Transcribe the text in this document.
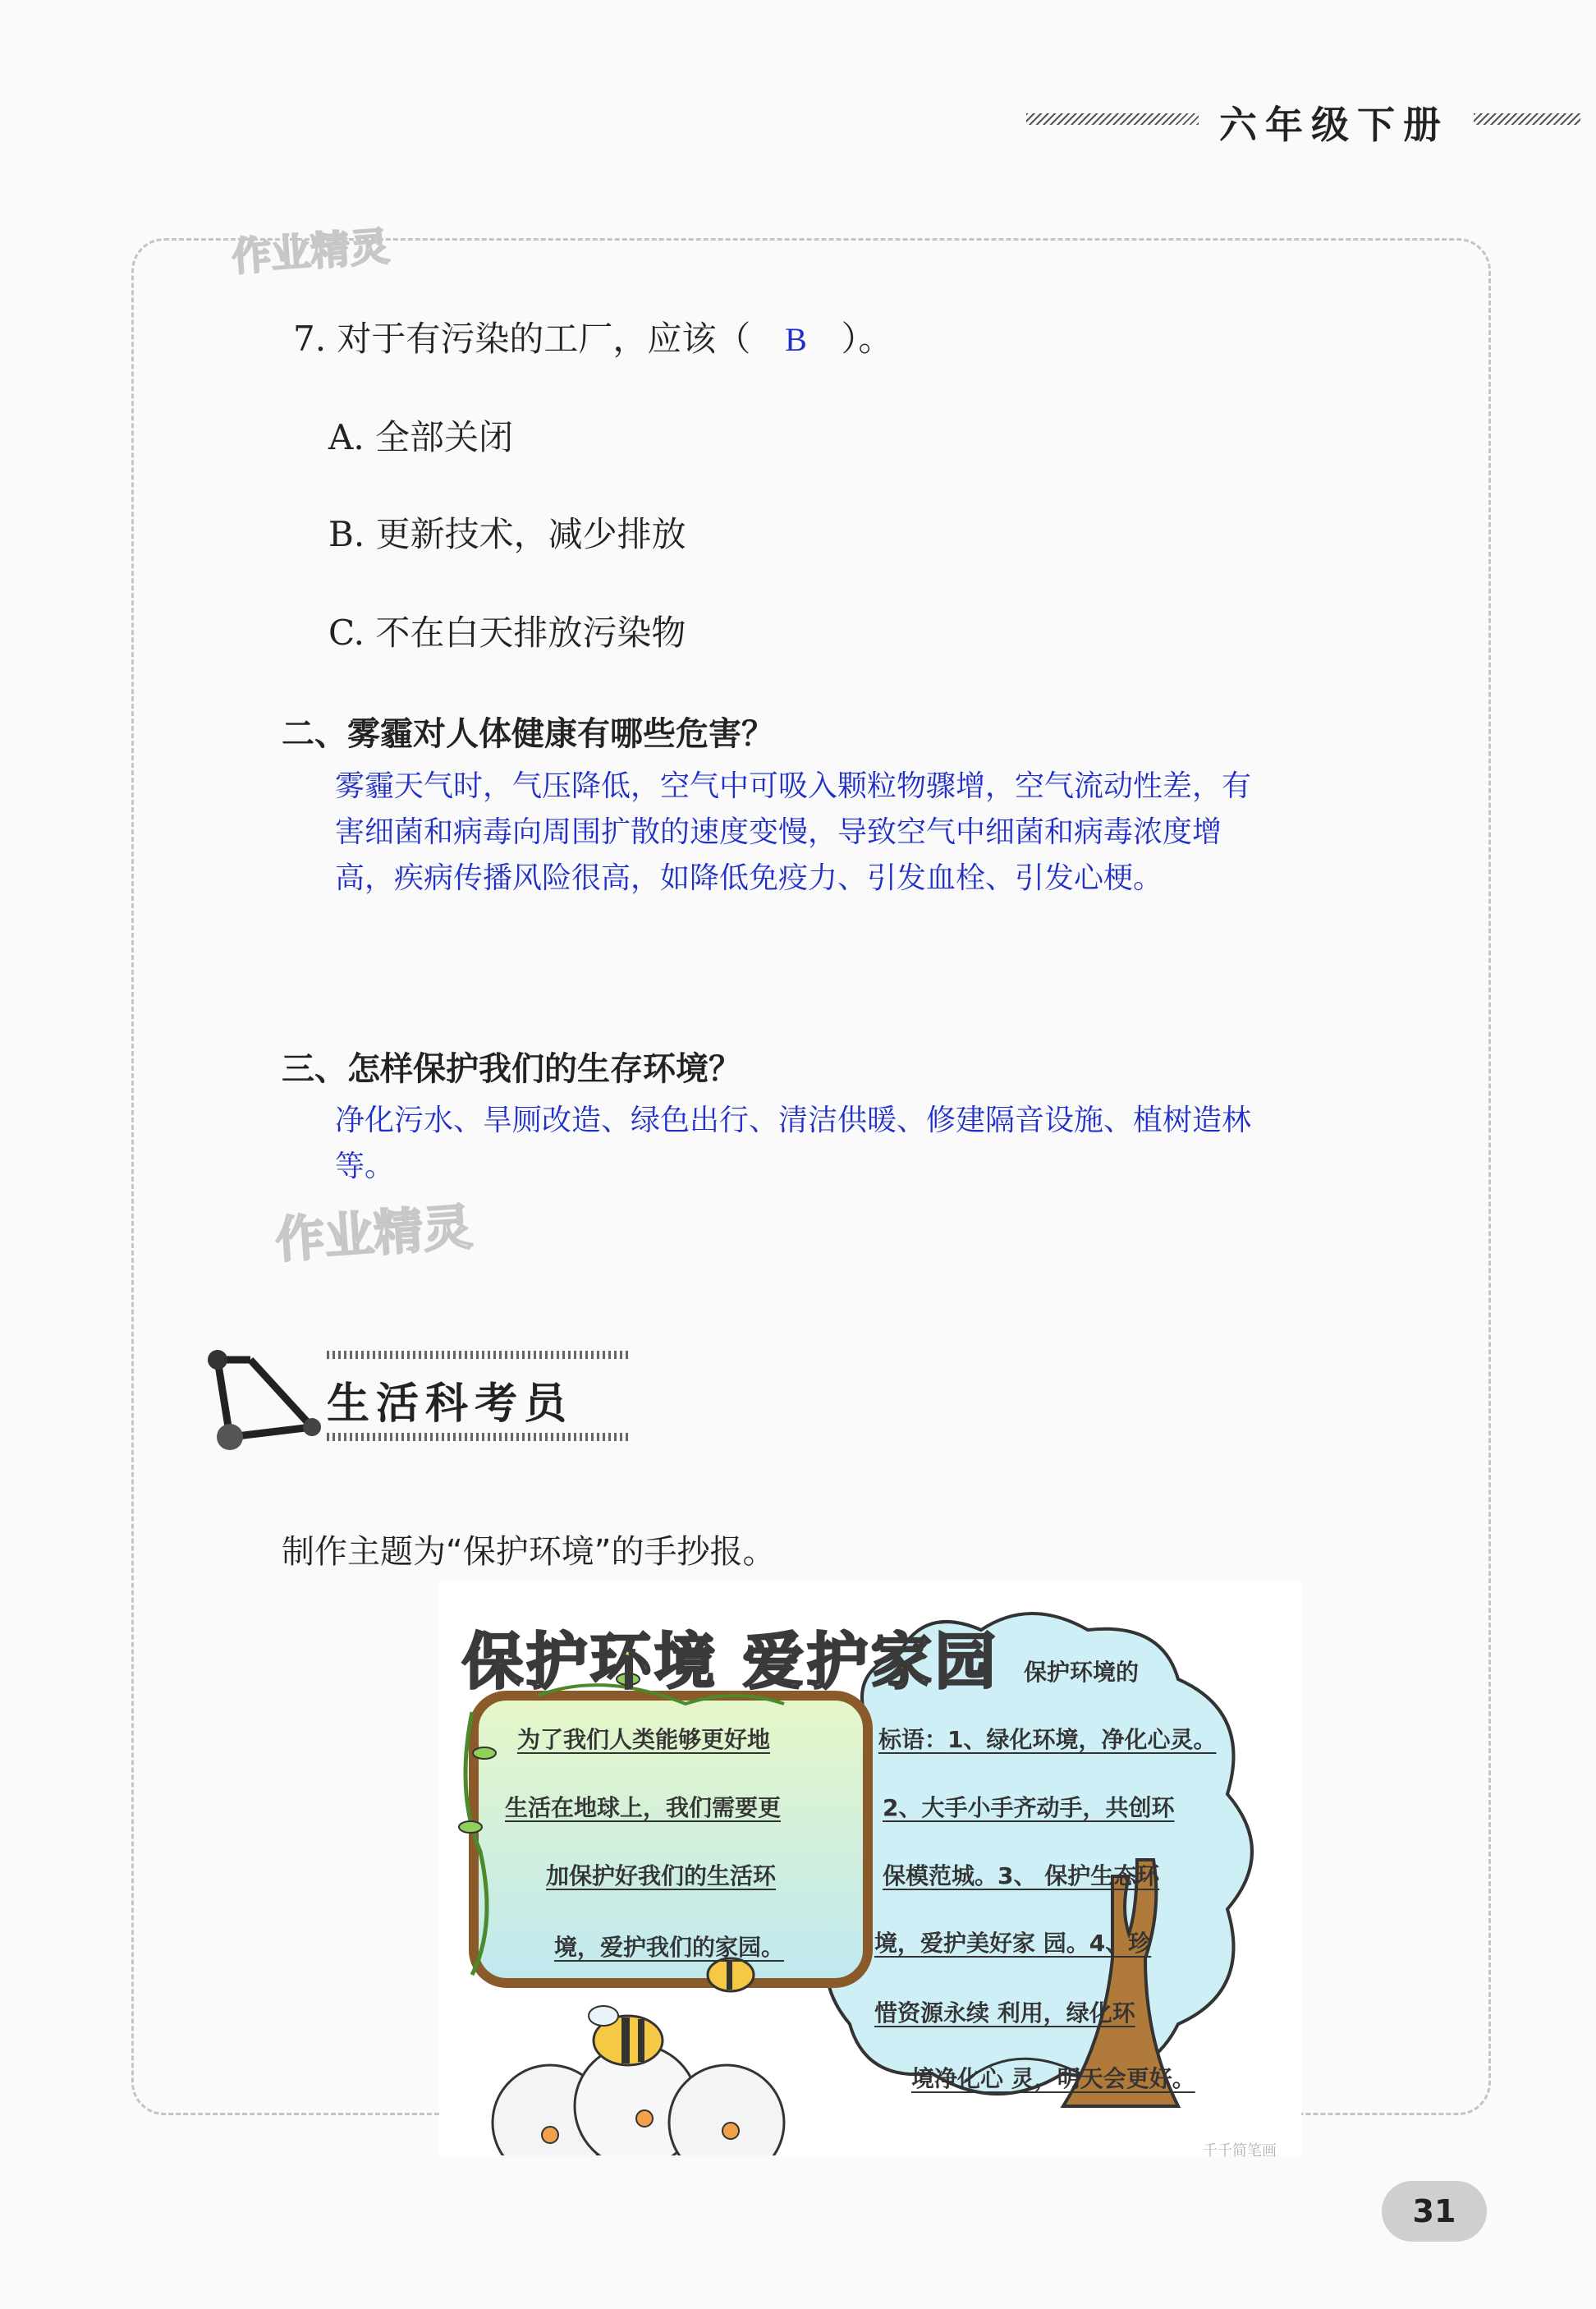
六年级下册
作业精灵
作业精灵
7. 对于有污染的工厂，应该（ B ）。
A. 全部关闭
B. 更新技术，减少排放
C. 不在白天排放污染物
二、雾霾对人体健康有哪些危害？
雾霾天气时，气压降低，空气中可吸入颗粒物骤增，空气流动性差，有害细菌和病毒向周围扩散的速度变慢，导致空气中细菌和病毒浓度增高，疾病传播风险很高，如降低免疫力、引发血栓、引发心梗。
三、怎样保护我们的生存环境？
净化污水、旱厕改造、绿色出行、清洁供暖、修建隔音设施、植树造林等。
生活科考员
制作主题为“保护环境”的手抄报。
保护环境 爱护家园 保护环境的
为了我们人类能够更好地
生活在地球上，我们需要更
加保护好我们的生活环
境，爱护我们的家园。
标语：1、绿化环境，净化心灵。
2、大手小手齐动手，共创环
保模范城。3、 保护生态环
境，爱护美好家 园。4、珍
惜资源永续 利用，绿化环
境净化心 灵，明天会更好。
千千简笔画
31
